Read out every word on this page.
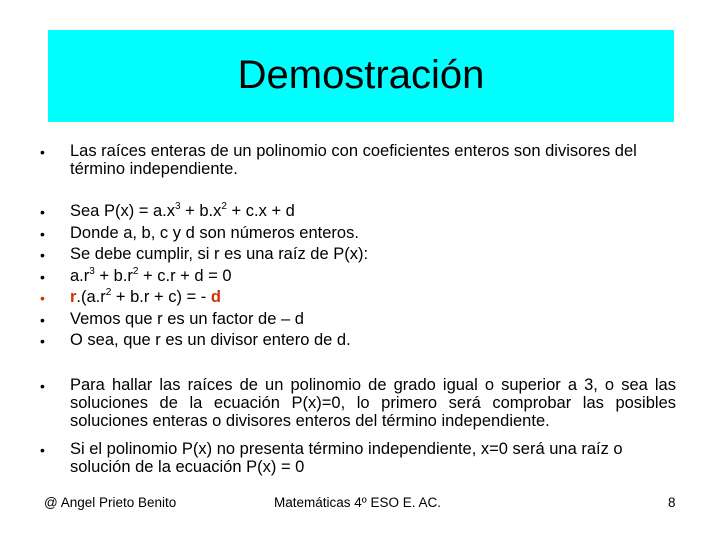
Demostración
• Las raíces enteras de un polinomio con coeficientes enteros son divisores del término independiente.
• Sea $P(x) = a.x^3 + b.x^2 + c.x + d$
• Donde a, b, c y d son números enteros.
• Se debe cumplir, si r es una raíz de P(x):
• $a.r^3 + b.r^2 + c.r + d = 0$
• $r.(a.r^2 + b.r + c)$ = - d
• Vemos que r es un factor de – d
• O sea, que r es un divisor entero de d.
• Para hallar las raíces de un polinomio de grado igual o superior a 3, o sea las soluciones de la ecuación P(x)=0, lo primero será comprobar las posibles soluciones enteras o divisores enteros del término independiente.
• Si el polinomio P(x) no presenta término independiente, x=0 será una raíz o solución de la ecuación P(x) = 0
@ Angel Prieto Benito	Matemáticas 4º ESO E. AC.	8
